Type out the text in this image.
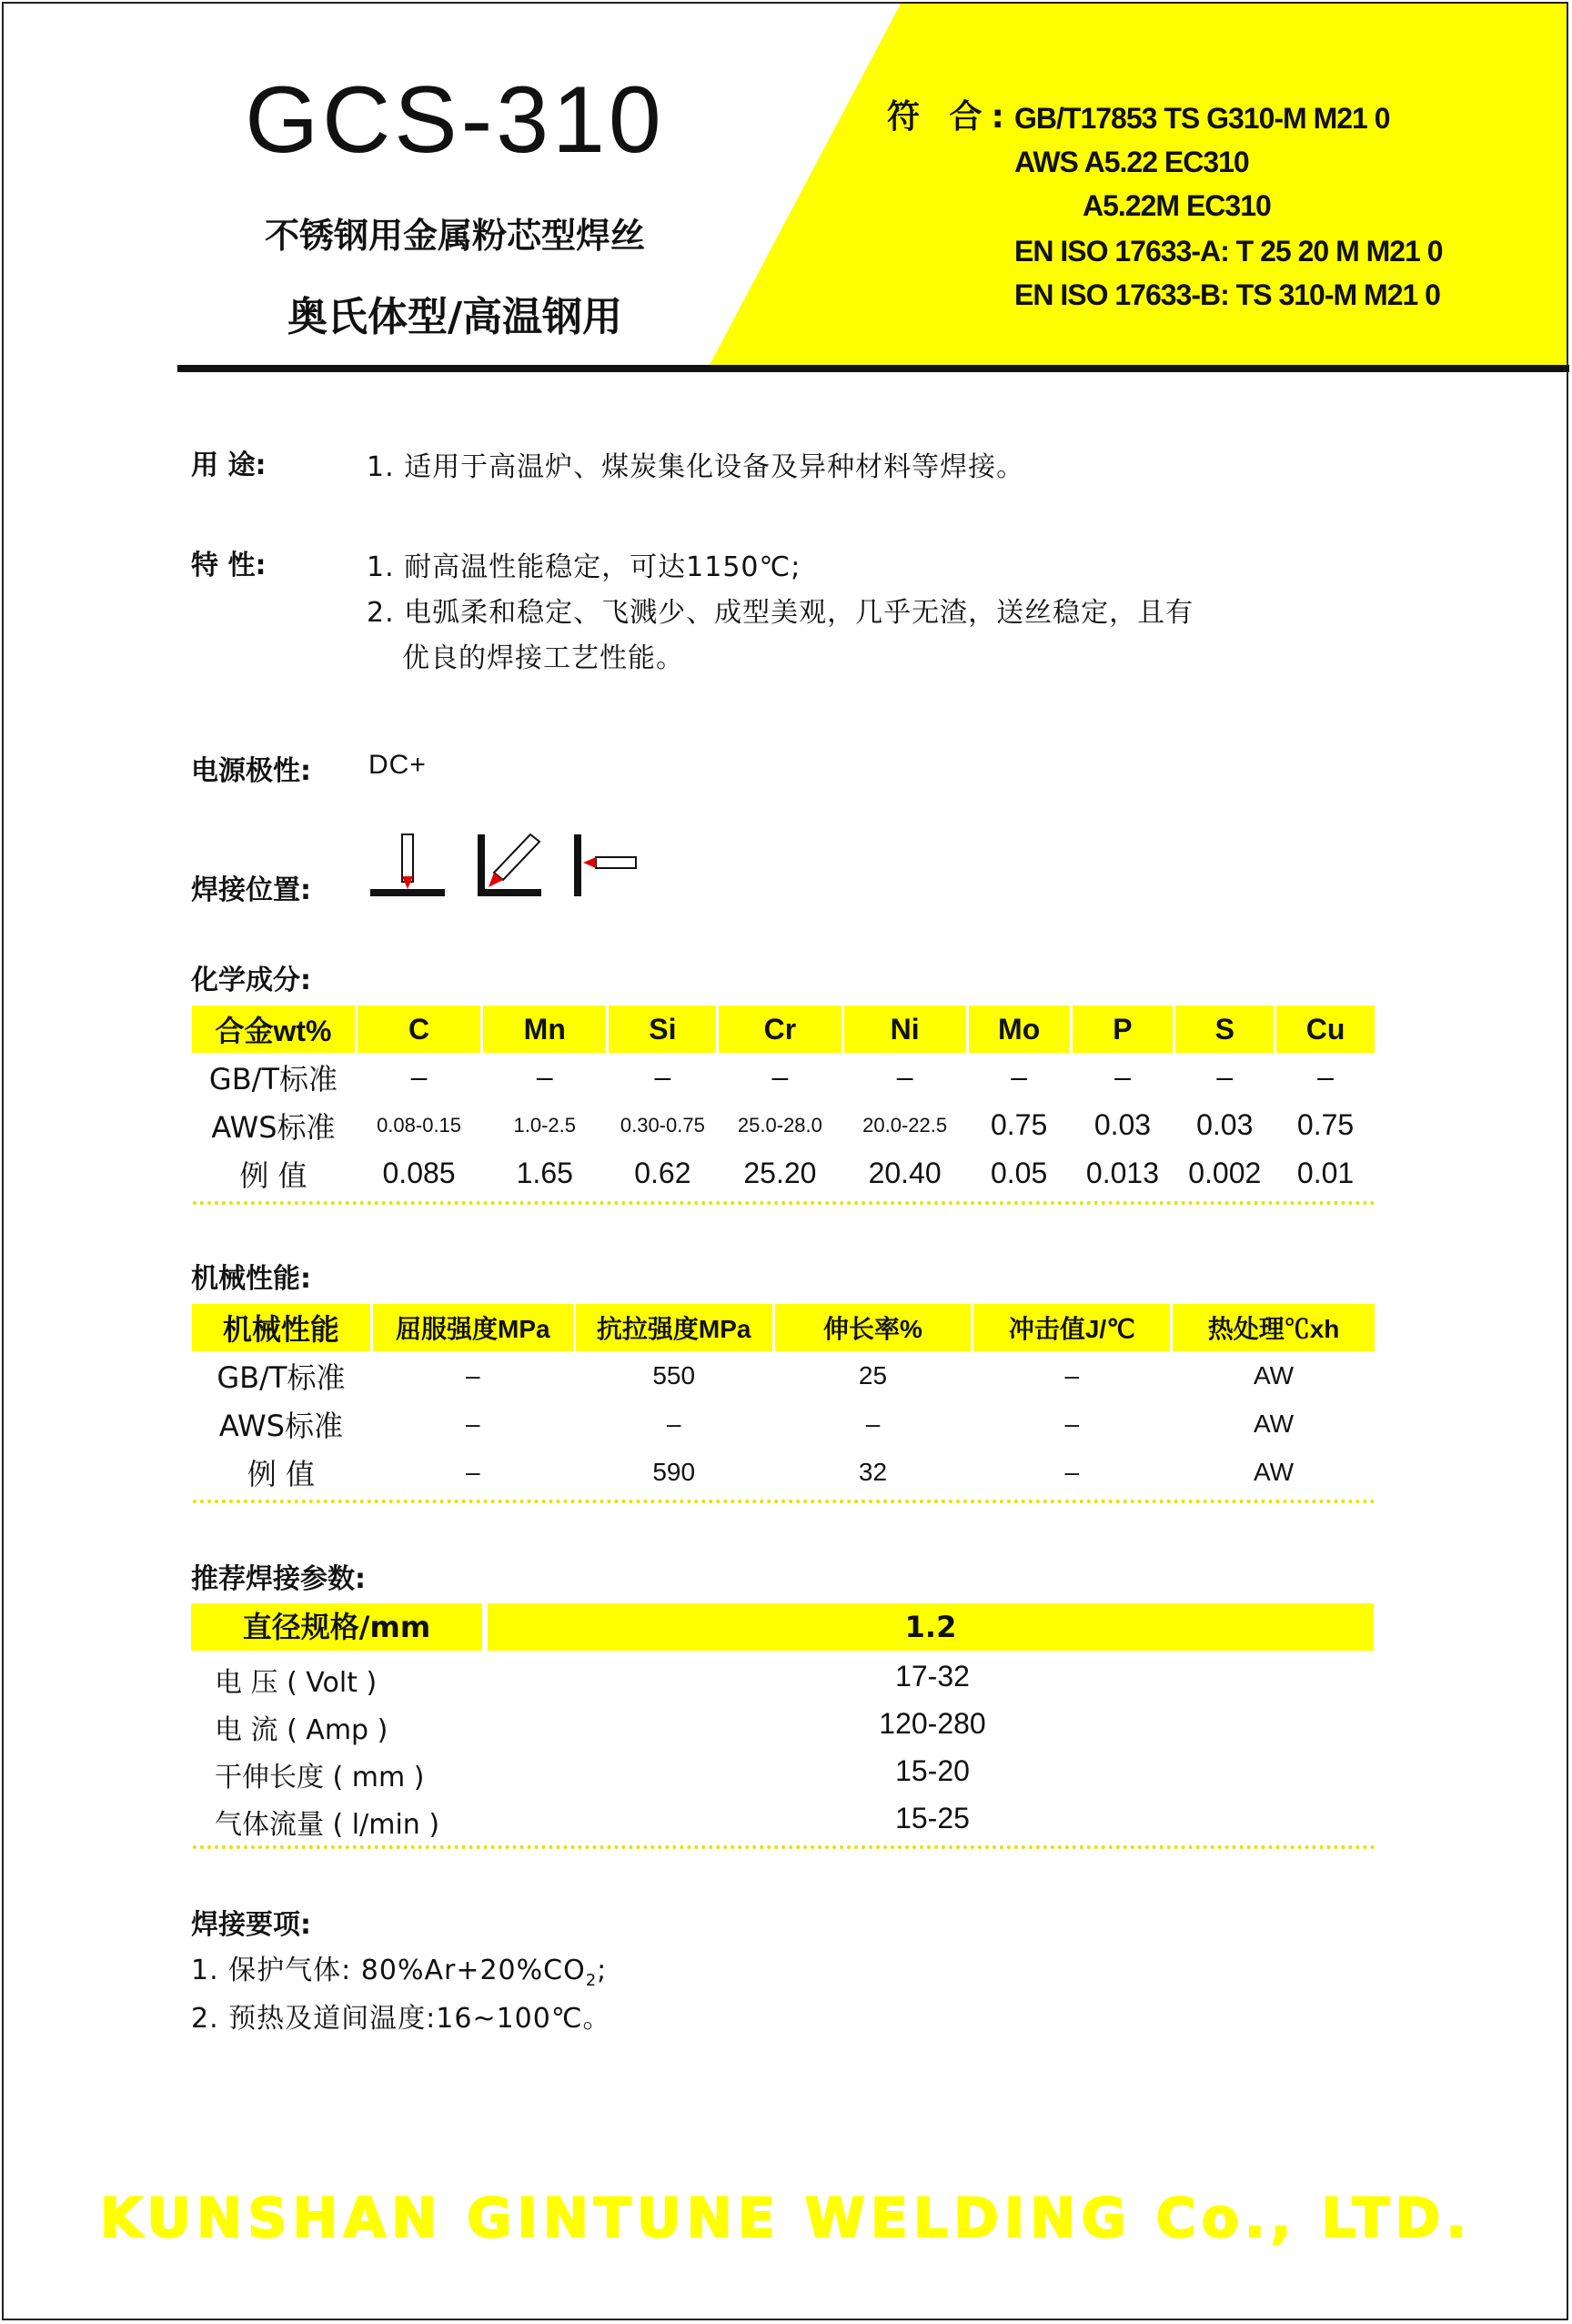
GCS-310
不锈钢用金属粉芯型焊丝
奥氏体型/高温钢用
符 合: GB/T17853 TS G310-M M21 0
AWS A5.22 EC310
A5.22M EC310
EN ISO 17633-A: T 25 20 M M21 0
EN ISO 17633-B: TS 310-M M21 0
用 途:	1. 适用于高温炉、煤炭集化设备及异种材料等焊接。
特 性:	1. 耐高温性能稳定，可达1150℃;
2. 电弧柔和稳定、飞溅少、成型美观，几乎无渣，送丝稳定，且有
优良的焊接工艺性能。
电源极性: DC+
焊接位置:
化学成分:
合金wt%	C	Mn	Si	Cr	Ni	Mo	P	S	Cu
GB/T标准	–	–	–	–	–	–	–	–	–
AWS标准	0.08-0.15	1.0-2.5	0.30-0.75	25.0-28.0	20.0-22.5	0.75	0.03	0.03	0.75
例 值	0.085	1.65	0.62	25.20	20.40	0.05	0.013	0.002	0.01
机械性能:
机械性能	屈服强度MPa	抗拉强度MPa	伸长率%	冲击值J/℃	热处理℃xh
GB/T标准	–	550	25	–	AW
AWS标准	–	–	–	–	AW
例 值	–	590	32	–	AW
推荐焊接参数:
直径规格/mm	1.2
电 压 ( Volt )	17-32
电 流 ( Amp )	120-280
干伸长度 ( mm )	15-20
气体流量 ( l/min )	15-25
焊接要项:
1. 保护气体: $80\%Ar+20\%CO_2$;
2. 预热及道间温度:16~100℃。
KUNSHAN GINTUNE WELDING Co., LTD.
